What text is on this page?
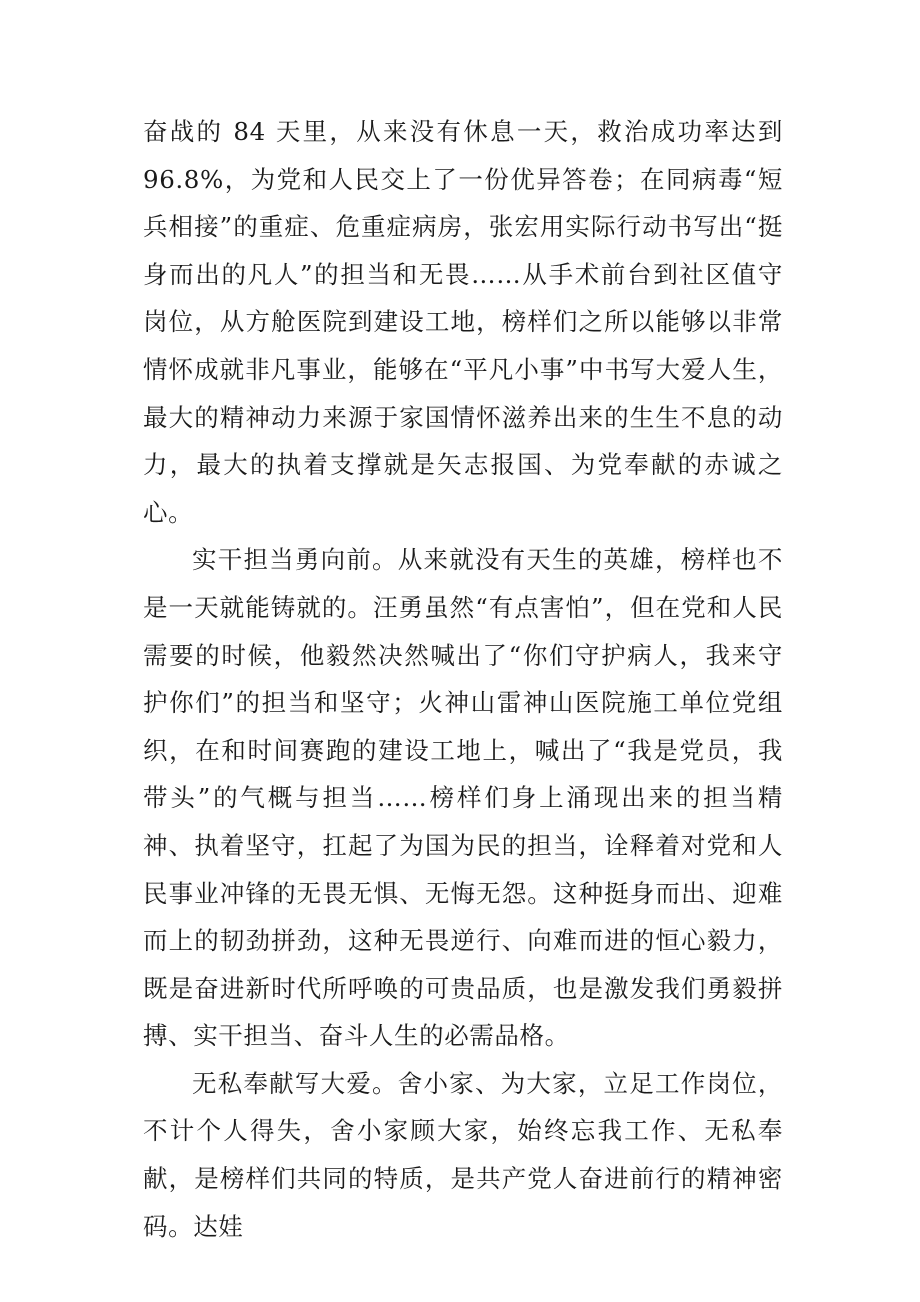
奋战的 84 天里，从来没有休息一天，救治成功率达到 96.8%，为党和人民交上了一份优异答卷；在同病毒“短兵相接”的重症、危重症病房，张宏用实际行动书写出“挺身而出的凡人”的担当和无畏……从手术前台到社区值守岗位，从方舱医院到建设工地，榜样们之所以能够以非常情怀成就非凡事业，能够在“平凡小事”中书写大爱人生，最大的精神动力来源于家国情怀滋养出来的生生不息的动力，最大的执着支撑就是矢志报国、为党奉献的赤诚之心。

实干担当勇向前。从来就没有天生的英雄，榜样也不是一天就能铸就的。汪勇虽然“有点害怕”，但在党和人民需要的时候，他毅然决然喊出了“你们守护病人，我来守护你们”的担当和坚守；火神山雷神山医院施工单位党组织，在和时间赛跑的建设工地上，喊出了“我是党员，我带头”的气概与担当……榜样们身上涌现出来的担当精神、执着坚守，扛起了为国为民的担当，诠释着对党和人民事业冲锋的无畏无惧、无悔无怨。这种挺身而出、迎难而上的韧劲拼劲，这种无畏逆行、向难而进的恒心毅力，既是奋进新时代所呼唤的可贵品质，也是激发我们勇毅拼搏、实干担当、奋斗人生的必需品格。

无私奉献写大爱。舍小家、为大家，立足工作岗位，不计个人得失，舍小家顾大家，始终忘我工作、无私奉献，是榜样们共同的特质，是共产党人奋进前行的精神密码。达娃
